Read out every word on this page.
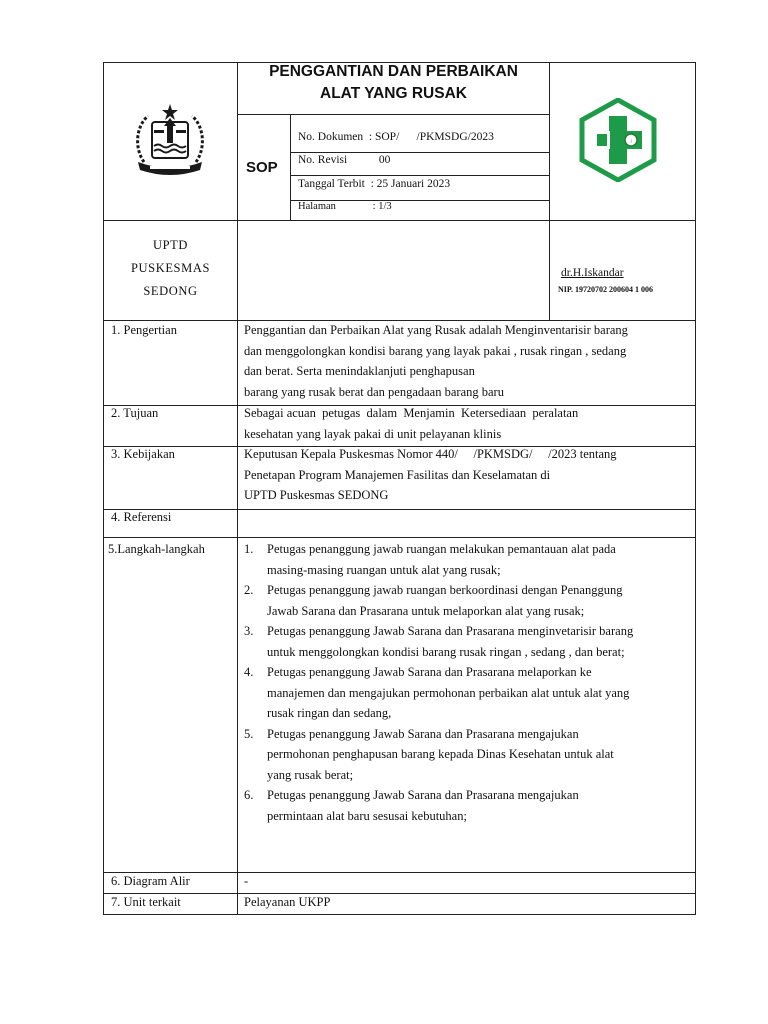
PENGGANTIAN DAN PERBAIKAN
ALAT YANG RUSAK
SOP
No. Dokumen  : SOP/      /PKMSDG/2023
No. Revisi           00
Tanggal Terbit  : 25 Januari 2023
Halaman              : 1/3
↓
UPTD
PUSKESMAS
SEDONG
dr.H.Iskandar
NIP. 19720702 200604 1 006
1. Pengertian
2. Tujuan
3. Kebijakan
4. Referensi
5.Langkah-langkah
6. Diagram Alir
7. Unit terkait
Penggantian dan Perbaikan Alat yang Rusak adalah Menginventarisir barang
dan menggolongkan kondisi barang yang layak pakai , rusak ringan , sedang
dan berat. Serta menindaklanjuti penghapusan
barang yang rusak berat dan pengadaan barang baru
Sebagai acuan  petugas  dalam  Menjamin  Ketersediaan  peralatan
kesehatan yang layak pakai di unit pelayanan klinis
Keputusan Kepala Puskesmas Nomor 440/     /PKMSDG/     /2023 tentang
Penetapan Program Manajemen Fasilitas dan Keselamatan di
UPTD Puskesmas SEDONG
1. Petugas penanggung jawab ruangan melakukan pemantauan alat pada
masing-masing ruangan untuk alat yang rusak;
2. Petugas penanggung jawab ruangan berkoordinasi dengan Penanggung
Jawab Sarana dan Prasarana untuk melaporkan alat yang rusak;
3. Petugas penanggung Jawab Sarana dan Prasarana menginvetarisir barang
untuk menggolongkan kondisi barang rusak ringan , sedang , dan berat;
4. Petugas penanggung Jawab Sarana dan Prasarana melaporkan ke
manajemen dan mengajukan permohonan perbaikan alat untuk alat yang
rusak ringan dan sedang,
5. Petugas penanggung Jawab Sarana dan Prasarana mengajukan
permohonan penghapusan barang kepada Dinas Kesehatan untuk alat
yang rusak berat;
6. Petugas penanggung Jawab Sarana dan Prasarana mengajukan
permintaan alat baru sesusai kebutuhan;
-
Pelayanan UKPP
